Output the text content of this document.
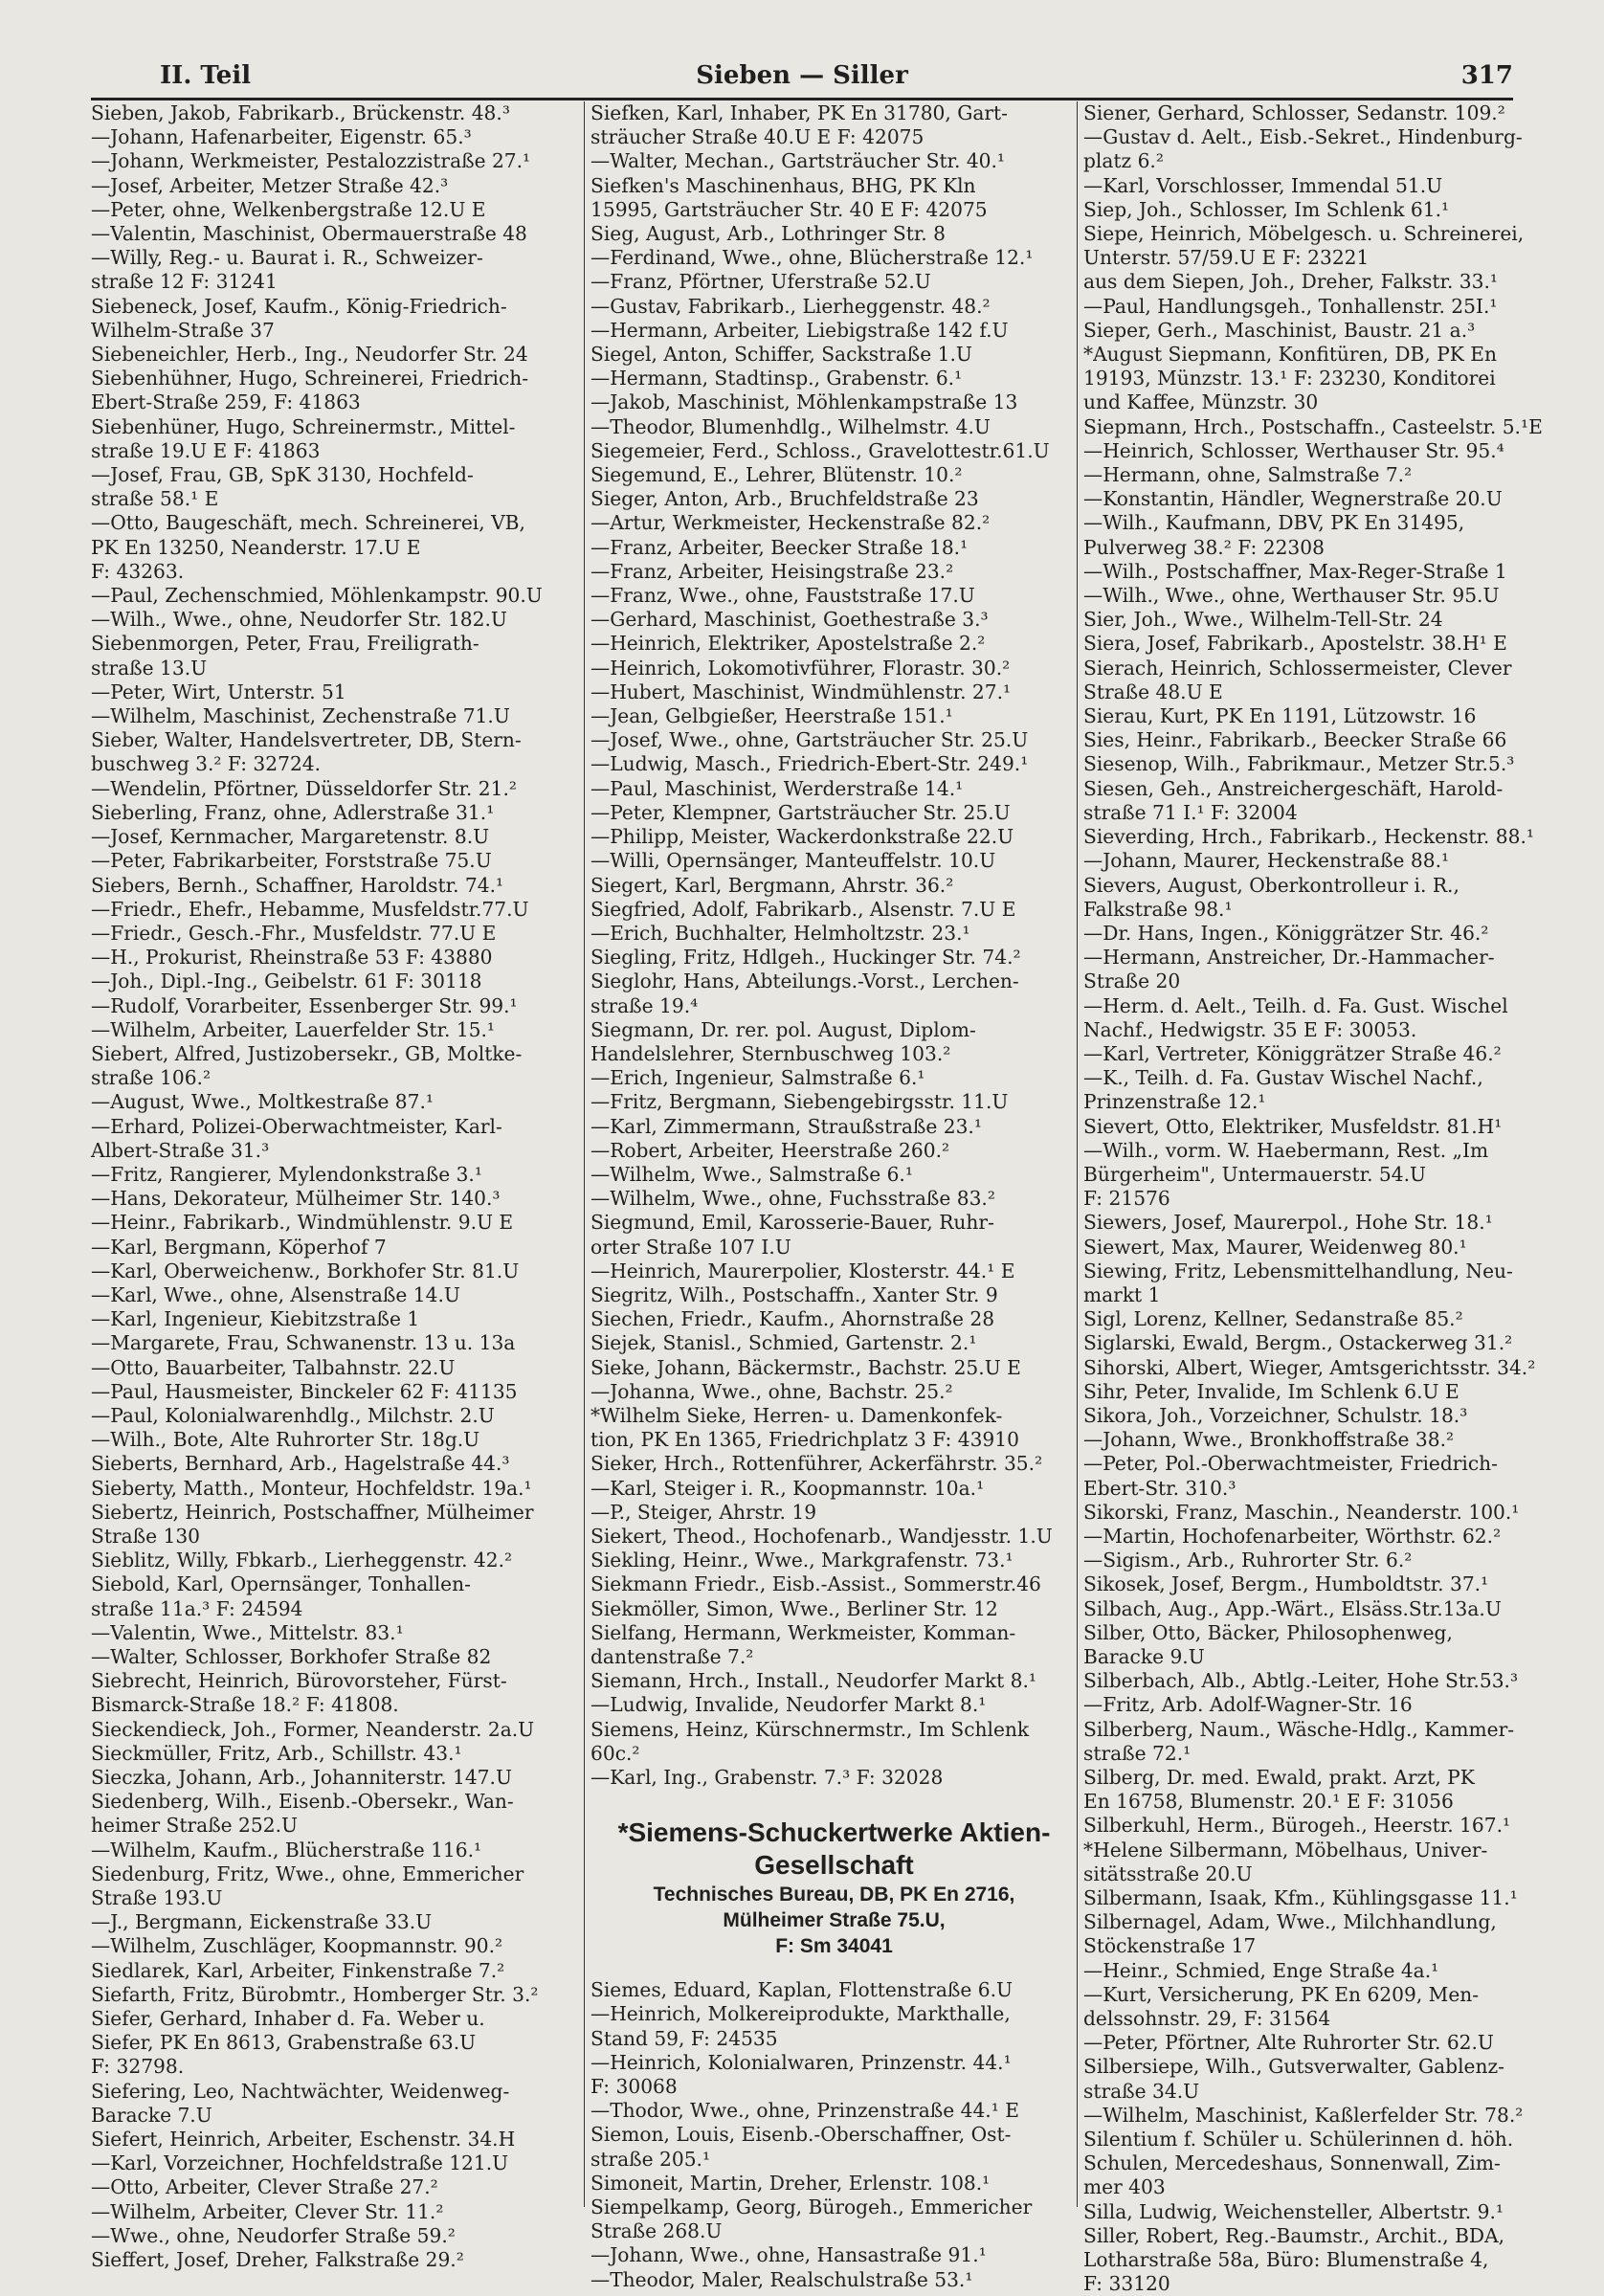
II. Teil	Sieben — Siller	317
Sieben, Jakob, Fabrikarb., Brückenstr. 48.³
—Johann, Hafenarbeiter, Eigenstr. 65.³
—Johann, Werkmeister, Pestalozzistraße 27.¹
—Josef, Arbeiter, Metzer Straße 42.³
—Peter, ohne, Welkenbergstraße 12.U E
—Valentin, Maschinist, Obermauerstraße 48
—Willy, Reg.- u. Baurat i. R., Schweizer-
straße 12 F: 31241
Siebeneck, Josef, Kaufm., König-Friedrich-
Wilhelm-Straße 37
Siebeneichler, Herb., Ing., Neudorfer Str. 24
Siebenhühner, Hugo, Schreinerei, Friedrich-
Ebert-Straße 259, F: 41863
Siebenhüner, Hugo, Schreinermstr., Mittel-
straße 19.U E F: 41863
—Josef, Frau, GB, SpK 3130, Hochfeld-
straße 58.¹ E
—Otto, Baugeschäft, mech. Schreinerei, VB,
PK En 13250, Neanderstr. 17.U E
F: 43263.
—Paul, Zechenschmied, Möhlenkampstr. 90.U
—Wilh., Wwe., ohne, Neudorfer Str. 182.U
Siebenmorgen, Peter, Frau, Freiligrath-
straße 13.U
—Peter, Wirt, Unterstr. 51
—Wilhelm, Maschinist, Zechenstraße 71.U
Sieber, Walter, Handelsvertreter, DB, Stern-
buschweg 3.² F: 32724.
—Wendelin, Pförtner, Düsseldorfer Str. 21.²
Sieberling, Franz, ohne, Adlerstraße 31.¹
—Josef, Kernmacher, Margaretenstr. 8.U
—Peter, Fabrikarbeiter, Forststraße 75.U
Siebers, Bernh., Schaffner, Haroldstr. 74.¹
—Friedr., Ehefr., Hebamme, Musfeldstr.77.U
—Friedr., Gesch.-Fhr., Musfeldstr. 77.U E
—H., Prokurist, Rheinstraße 53 F: 43880
—Joh., Dipl.-Ing., Geibelstr. 61 F: 30118
—Rudolf, Vorarbeiter, Essenberger Str. 99.¹
—Wilhelm, Arbeiter, Lauerfelder Str. 15.¹
Siebert, Alfred, Justizobersekr., GB, Moltke-
straße 106.²
—August, Wwe., Moltkestraße 87.¹
—Erhard, Polizei-Oberwachtmeister, Karl-
Albert-Straße 31.³
—Fritz, Rangierer, Mylendonkstraße 3.¹
—Hans, Dekorateur, Mülheimer Str. 140.³
—Heinr., Fabrikarb., Windmühlenstr. 9.U E
—Karl, Bergmann, Köperhof 7
—Karl, Oberweichenw., Borkhofer Str. 81.U
—Karl, Wwe., ohne, Alsenstraße 14.U
—Karl, Ingenieur, Kiebitzstraße 1
—Margarete, Frau, Schwanenstr. 13 u. 13a
—Otto, Bauarbeiter, Talbahnstr. 22.U
—Paul, Hausmeister, Binckeler 62 F: 41135
—Paul, Kolonialwarenhdlg., Milchstr. 2.U
—Wilh., Bote, Alte Ruhrorter Str. 18g.U
Sieberts, Bernhard, Arb., Hagelstraße 44.³
Sieberty, Matth., Monteur, Hochfeldstr. 19a.¹
Siebertz, Heinrich, Postschaffner, Mülheimer
Straße 130
Sieblitz, Willy, Fbkarb., Lierheggenstr. 42.²
Siebold, Karl, Opernsänger, Tonhallen-
straße 11a.³ F: 24594
—Valentin, Wwe., Mittelstr. 83.¹
—Walter, Schlosser, Borkhofer Straße 82
Siebrecht, Heinrich, Bürovorsteher, Fürst-
Bismarck-Straße 18.² F: 41808.
Sieckendieck, Joh., Former, Neanderstr. 2a.U
Sieckmüller, Fritz, Arb., Schillstr. 43.¹
Sieczka, Johann, Arb., Johanniterstr. 147.U
Siedenberg, Wilh., Eisenb.-Obersekr., Wan-
heimer Straße 252.U
—Wilhelm, Kaufm., Blücherstraße 116.¹
Siedenburg, Fritz, Wwe., ohne, Emmericher
Straße 193.U
—J., Bergmann, Eickenstraße 33.U
—Wilhelm, Zuschläger, Koopmannstr. 90.²
Siedlarek, Karl, Arbeiter, Finkenstraße 7.²
Siefarth, Fritz, Bürobmtr., Homberger Str. 3.²
Siefer, Gerhard, Inhaber d. Fa. Weber u.
Siefer, PK En 8613, Grabenstraße 63.U
F: 32798.
Siefering, Leo, Nachtwächter, Weidenweg-
Baracke 7.U
Siefert, Heinrich, Arbeiter, Eschenstr. 34.H
—Karl, Vorzeichner, Hochfeldstraße 121.U
—Otto, Arbeiter, Clever Straße 27.²
—Wilhelm, Arbeiter, Clever Str. 11.²
—Wwe., ohne, Neudorfer Straße 59.²
Sieffert, Josef, Dreher, Falkstraße 29.²
Siefken, Karl, Inhaber, PK En 31780, Gart-
sträucher Straße 40.U E F: 42075
—Walter, Mechan., Gartsträucher Str. 40.¹
Siefken's Maschinenhaus, BHG, PK Kln
15995, Gartsträucher Str. 40 E F: 42075
Sieg, August, Arb., Lothringer Str. 8
—Ferdinand, Wwe., ohne, Blücherstraße 12.¹
—Franz, Pförtner, Uferstraße 52.U
—Gustav, Fabrikarb., Lierheggenstr. 48.²
—Hermann, Arbeiter, Liebigstraße 142 f.U
Siegel, Anton, Schiffer, Sackstraße 1.U
—Hermann, Stadtinsp., Grabenstr. 6.¹
—Jakob, Maschinist, Möhlenkampstraße 13
—Theodor, Blumenhdlg., Wilhelmstr. 4.U
Siegemeier, Ferd., Schloss., Gravelottestr.61.U
Siegemund, E., Lehrer, Blütenstr. 10.²
Sieger, Anton, Arb., Bruchfeldstraße 23
—Artur, Werkmeister, Heckenstraße 82.²
—Franz, Arbeiter, Beecker Straße 18.¹
—Franz, Arbeiter, Heisingstraße 23.²
—Franz, Wwe., ohne, Fauststraße 17.U
—Gerhard, Maschinist, Goethestraße 3.³
—Heinrich, Elektriker, Apostelstraße 2.²
—Heinrich, Lokomotivführer, Florastr. 30.²
—Hubert, Maschinist, Windmühlenstr. 27.¹
—Jean, Gelbgießer, Heerstraße 151.¹
—Josef, Wwe., ohne, Gartsträucher Str. 25.U
—Ludwig, Masch., Friedrich-Ebert-Str. 249.¹
—Paul, Maschinist, Werderstraße 14.¹
—Peter, Klempner, Gartsträucher Str. 25.U
—Philipp, Meister, Wackerdonkstraße 22.U
—Willi, Opernsänger, Manteuffelstr. 10.U
Siegert, Karl, Bergmann, Ahrstr. 36.²
Siegfried, Adolf, Fabrikarb., Alsenstr. 7.U E
—Erich, Buchhalter, Helmholtzstr. 23.¹
Siegling, Fritz, Hdlgeh., Huckinger Str. 74.²
Sieglohr, Hans, Abteilungs.-Vorst., Lerchen-
straße 19.⁴
Siegmann, Dr. rer. pol. August, Diplom-
Handelslehrer, Sternbuschweg 103.²
—Erich, Ingenieur, Salmstraße 6.¹
—Fritz, Bergmann, Siebengebirgsstr. 11.U
—Karl, Zimmermann, Straußstraße 23.¹
—Robert, Arbeiter, Heerstraße 260.²
—Wilhelm, Wwe., Salmstraße 6.¹
—Wilhelm, Wwe., ohne, Fuchsstraße 83.²
Siegmund, Emil, Karosserie-Bauer, Ruhr-
orter Straße 107 I.U
—Heinrich, Maurerpolier, Klosterstr. 44.¹ E
Siegritz, Wilh., Postschaffn., Xanter Str. 9
Siechen, Friedr., Kaufm., Ahornstraße 28
Siejek, Stanisl., Schmied, Gartenstr. 2.¹
Sieke, Johann, Bäckermstr., Bachstr. 25.U E
—Johanna, Wwe., ohne, Bachstr. 25.²
*Wilhelm Sieke, Herren- u. Damenkonfek-
tion, PK En 1365, Friedrichplatz 3 F: 43910
Sieker, Hrch., Rottenführer, Ackerfährstr. 35.²
—Karl, Steiger i. R., Koopmannstr. 10a.¹
—P., Steiger, Ahrstr. 19
Siekert, Theod., Hochofenarb., Wandjesstr. 1.U
Siekling, Heinr., Wwe., Markgrafenstr. 73.¹
Siekmann Friedr., Eisb.-Assist., Sommerstr.46
Siekmöller, Simon, Wwe., Berliner Str. 12
Sielfang, Hermann, Werkmeister, Komman-
dantenstraße 7.²
Siemann, Hrch., Install., Neudorfer Markt 8.¹
—Ludwig, Invalide, Neudorfer Markt 8.¹
Siemens, Heinz, Kürschnermstr., Im Schlenk
60c.²
—Karl, Ing., Grabenstr. 7.³ F: 32028
*Siemens-Schuckertwerke Aktien-Gesellschaft
Technisches Bureau, DB, PK En 2716,
Mülheimer Straße 75.U,
F: Sm 34041
Siemes, Eduard, Kaplan, Flottenstraße 6.U
—Heinrich, Molkereiprodukte, Markthalle,
Stand 59, F: 24535
—Heinrich, Kolonialwaren, Prinzenstr. 44.¹
F: 30068
—Thodor, Wwe., ohne, Prinzenstraße 44.¹ E
Siemon, Louis, Eisenb.-Oberschaffner, Ost-
straße 205.¹
Simoneit, Martin, Dreher, Erlenstr. 108.¹
Siempelkamp, Georg, Bürogeh., Emmericher
Straße 268.U
—Johann, Wwe., ohne, Hansastraße 91.¹
—Theodor, Maler, Realschulstraße 53.¹
Siener, Gerhard, Schlosser, Sedanstr. 109.²
—Gustav d. Aelt., Eisb.-Sekret., Hindenburg-
platz 6.²
—Karl, Vorschlosser, Immendal 51.U
Siep, Joh., Schlosser, Im Schlenk 61.¹
Siepe, Heinrich, Möbelgesch. u. Schreinerei,
Unterstr. 57/59.U E F: 23221
aus dem Siepen, Joh., Dreher, Falkstr. 33.¹
—Paul, Handlungsgeh., Tonhallenstr. 25I.¹
Sieper, Gerh., Maschinist, Baustr. 21 a.³
*August Siepmann, Konfitüren, DB, PK En
19193, Münzstr. 13.¹ F: 23230, Konditorei
und Kaffee, Münzstr. 30
Siepmann, Hrch., Postschaffn., Casteelstr. 5.¹E
—Heinrich, Schlosser, Werthauser Str. 95.⁴
—Hermann, ohne, Salmstraße 7.²
—Konstantin, Händler, Wegnerstraße 20.U
—Wilh., Kaufmann, DBV, PK En 31495,
Pulverweg 38.² F: 22308
—Wilh., Postschaffner, Max-Reger-Straße 1
—Wilh., Wwe., ohne, Werthauser Str. 95.U
Sier, Joh., Wwe., Wilhelm-Tell-Str. 24
Siera, Josef, Fabrikarb., Apostelstr. 38.H¹ E
Sierach, Heinrich, Schlossermeister, Clever
Straße 48.U E
Sierau, Kurt, PK En 1191, Lützowstr. 16
Sies, Heinr., Fabrikarb., Beecker Straße 66
Siesenop, Wilh., Fabrikmaur., Metzer Str.5.³
Siesen, Geh., Anstreichergeschäft, Harold-
straße 71 I.¹ F: 32004
Sieverding, Hrch., Fabrikarb., Heckenstr. 88.¹
—Johann, Maurer, Heckenstraße 88.¹
Sievers, August, Oberkontrolleur i. R.,
Falkstraße 98.¹
—Dr. Hans, Ingen., Königgrätzer Str. 46.²
—Hermann, Anstreicher, Dr.-Hammacher-
Straße 20
—Herm. d. Aelt., Teilh. d. Fa. Gust. Wischel
Nachf., Hedwigstr. 35 E F: 30053.
—Karl, Vertreter, Königgrätzer Straße 46.²
—K., Teilh. d. Fa. Gustav Wischel Nachf.,
Prinzenstraße 12.¹
Sievert, Otto, Elektriker, Musfeldstr. 81.H¹
—Wilh., vorm. W. Haebermann, Rest. „Im
Bürgerheim", Untermauerstr. 54.U
F: 21576
Siewers, Josef, Maurerpol., Hohe Str. 18.¹
Siewert, Max, Maurer, Weidenweg 80.¹
Siewing, Fritz, Lebensmittelhandlung, Neu-
markt 1
Sigl, Lorenz, Kellner, Sedanstraße 85.²
Siglarski, Ewald, Bergm., Ostackerweg 31.²
Sihorski, Albert, Wieger, Amtsgerichtsstr. 34.²
Sihr, Peter, Invalide, Im Schlenk 6.U E
Sikora, Joh., Vorzeichner, Schulstr. 18.³
—Johann, Wwe., Bronkhoffstraße 38.²
—Peter, Pol.-Oberwachtmeister, Friedrich-
Ebert-Str. 310.³
Sikorski, Franz, Maschin., Neanderstr. 100.¹
—Martin, Hochofenarbeiter, Wörthstr. 62.²
—Sigism., Arb., Ruhrorter Str. 6.²
Sikosek, Josef, Bergm., Humboldtstr. 37.¹
Silbach, Aug., App.-Wärt., Elsäss.Str.13a.U
Silber, Otto, Bäcker, Philosophenweg,
Baracke 9.U
Silberbach, Alb., Abtlg.-Leiter, Hohe Str.53.³
—Fritz, Arb. Adolf-Wagner-Str. 16
Silberberg, Naum., Wäsche-Hdlg., Kammer-
straße 72.¹
Silberg, Dr. med. Ewald, prakt. Arzt, PK
En 16758, Blumenstr. 20.¹ E F: 31056
Silberkuhl, Herm., Bürogeh., Heerstr. 167.¹
*Helene Silbermann, Möbelhaus, Univer-
sitätsstraße 20.U
Silbermann, Isaak, Kfm., Kühlingsgasse 11.¹
Silbernagel, Adam, Wwe., Milchhandlung,
Stöckenstraße 17
—Heinr., Schmied, Enge Straße 4a.¹
—Kurt, Versicherung, PK En 6209, Men-
delssohnstr. 29, F: 31564
—Peter, Pförtner, Alte Ruhrorter Str. 62.U
Silbersiepe, Wilh., Gutsverwalter, Gablenz-
straße 34.U
—Wilhelm, Maschinist, Kaßlerfelder Str. 78.²
Silentium f. Schüler u. Schülerinnen d. höh.
Schulen, Mercedeshaus, Sonnenwall, Zim-
mer 403
Silla, Ludwig, Weichensteller, Albertstr. 9.¹
Siller, Robert, Reg.-Baumstr., Archit., BDA,
Lotharstraße 58a, Büro: Blumenstraße 4,
F: 33120
